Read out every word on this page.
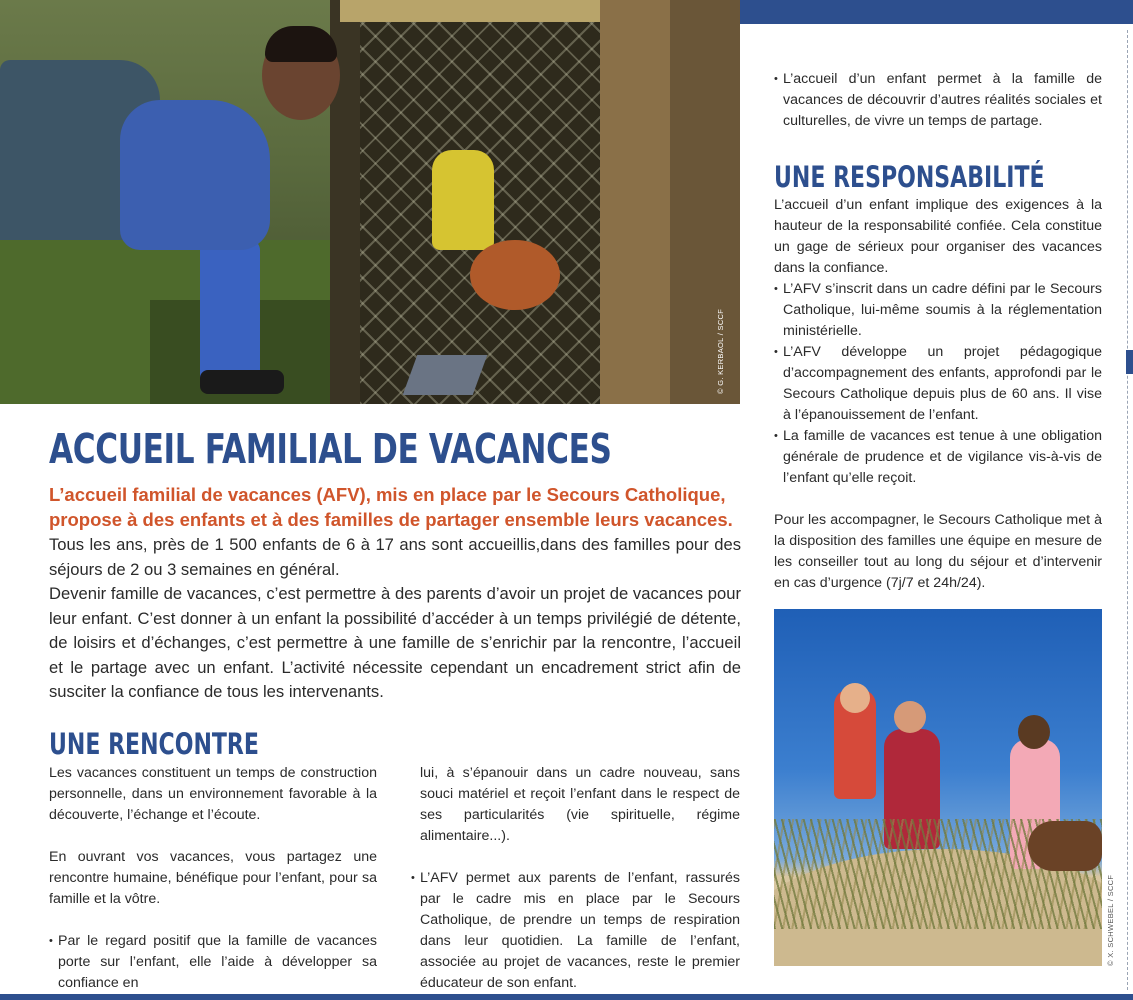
© G. KERBAOL / SCCF
ACCUEIL FAMILIAL DE VACANCES
L’accueil familial de vacances (AFV), mis en place par le Secours Catholique, propose à des enfants et à des familles de partager ensemble leurs vacances.

Tous les ans, près de 1 500 enfants de 6 à 17 ans sont accueillis,dans des familles pour des séjours de 2 ou 3 semaines en général.

Devenir famille de vacances, c’est permettre à des parents d’avoir un projet de vacances pour leur enfant. C’est donner à un enfant la possibilité d’accéder à un temps privilégié de détente, de loisirs et d’échanges, c’est permettre à une famille de s’enrichir par la rencontre, l’accueil et le partage avec un enfant. L’activité nécessite cependant un encadrement strict afin de susciter la confiance de tous les intervenants.

UNE RENCONTRE

Les vacances constituent un temps de construction personnelle, dans un environnement favorable à la découverte, l’échange et l’écoute.

En ouvrant vos vacances, vous partagez une rencontre humaine, bénéfique pour l’enfant, pour sa famille et la vôtre.

• Par le regard positif que la famille de vacances porte sur l’enfant, elle l’aide à développer sa confiance en

lui, à s’épanouir dans un cadre nouveau, sans souci matériel et reçoit l’enfant dans le respect de ses particularités (vie spirituelle, régime alimentaire...).

• L’AFV permet aux parents de l’enfant, rassurés par le cadre mis en place par le Secours Catholique, de prendre un temps de respiration dans leur quotidien. La famille de l’enfant, associée au projet de vacances, reste le premier éducateur de son enfant.

• L’accueil d’un enfant permet à la famille de vacances de découvrir d’autres réalités sociales et culturelles, de vivre un temps de partage.

UNE RESPONSABILITÉ

L’accueil d’un enfant implique des exigences à la hauteur de la responsabilité confiée. Cela constitue un gage de sérieux pour organiser des vacances dans la confiance.

• L’AFV s’inscrit dans un cadre défini par le Secours Catholique, lui-même soumis à la réglementation ministérielle.

• L’AFV développe un projet pédagogique d’accompagnement des enfants, approfondi par le Secours Catholique depuis plus de 60 ans. Il vise à l’épanouissement de l’enfant.

• La famille de vacances est tenue à une obligation générale de prudence et de vigilance vis-à-vis de l’enfant qu’elle reçoit.

Pour les accompagner, le Secours Catholique met à la disposition des familles une équipe en mesure de les conseiller tout au long du séjour et d’intervenir en cas d’urgence (7j/7 et 24h/24).

© X. SCHWEBEL / SCCF
